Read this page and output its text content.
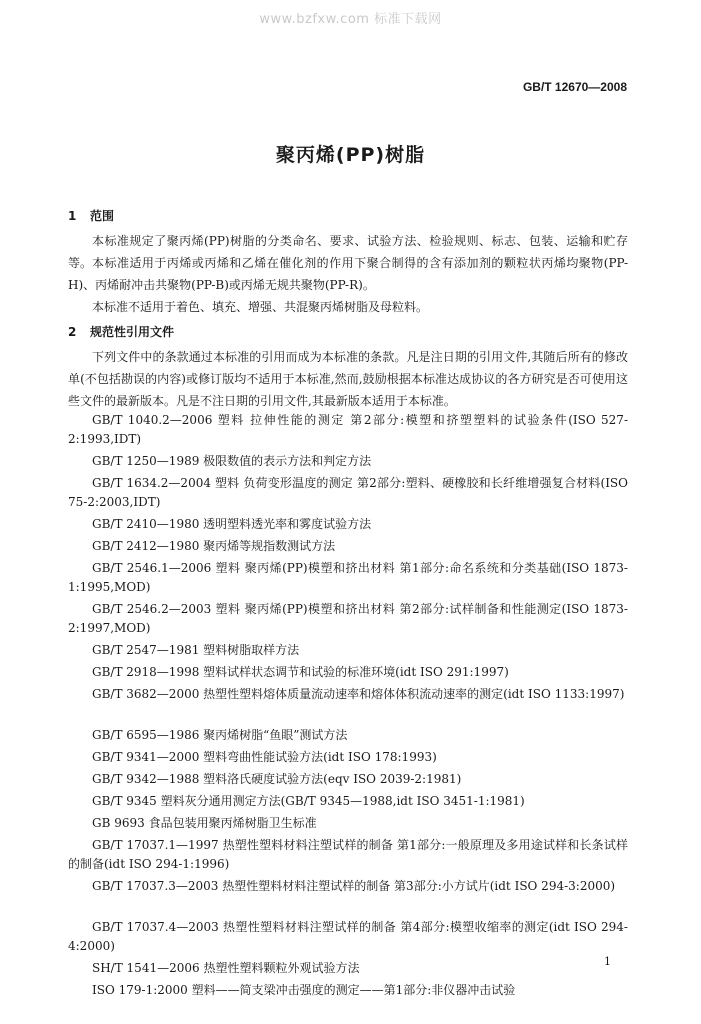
www.bzfxw.com 标准下载网
GB/T 12670—2008
聚丙烯(PP)树脂
1 范围

本标准规定了聚丙烯(PP)树脂的分类命名、要求、试验方法、检验规则、标志、包装、运输和贮存等。 本标准适用于丙烯或丙烯和乙烯在催化剂的作用下聚合制得的含有添加剂的颗粒状丙烯均聚物(PP-H)、丙烯耐冲击共聚物(PP-B)或丙烯无规共聚物(PP-R)。

本标准不适用于着色、填充、增强、共混聚丙烯树脂及母粒料。

2 规范性引用文件

下列文件中的条款通过本标准的引用而成为本标准的条款。凡是注日期的引用文件,其随后所有的修改单(不包括勘误的内容)或修订版均不适用于本标准,然而,鼓励根据本标准达成协议的各方研究是否可使用这些文件的最新版本。凡是不注日期的引用文件,其最新版本适用于本标准。

GB/T 1040.2—2006 塑料 拉伸性能的测定 第2部分:模塑和挤塑塑料的试验条件(ISO 527-2:1993,IDT)

GB/T 1250—1989 极限数值的表示方法和判定方法

GB/T 1634.2—2004 塑料 负荷变形温度的测定 第2部分:塑料、硬橡胶和长纤维增强复合材料(ISO 75-2:2003,IDT)

GB/T 2410—1980 透明塑料透光率和雾度试验方法

GB/T 2412—1980 聚丙烯等规指数测试方法

GB/T 2546.1—2006 塑料 聚丙烯(PP)模塑和挤出材料 第1部分:命名系统和分类基础(ISO 1873-1:1995,MOD)

GB/T 2546.2—2003 塑料 聚丙烯(PP)模塑和挤出材料 第2部分:试样制备和性能测定(ISO 1873-2:1997,MOD)

GB/T 2547—1981 塑料树脂取样方法

GB/T 2918—1998 塑料试样状态调节和试验的标准环境(idt ISO 291:1997)

GB/T 3682—2000 热塑性塑料熔体质量流动速率和熔体体积流动速率的测定(idt ISO 1133:1997)

GB/T 6595—1986 聚丙烯树脂“鱼眼”测试方法

GB/T 9341—2000 塑料弯曲性能试验方法(idt ISO 178:1993)

GB/T 9342—1988 塑料洛氏硬度试验方法(eqv ISO 2039-2:1981)

GB/T 9345 塑料灰分通用测定方法(GB/T 9345—1988,idt ISO 3451-1:1981)

GB 9693 食品包装用聚丙烯树脂卫生标准

GB/T 17037.1—1997 热塑性塑料材料注塑试样的制备 第1部分:一般原理及多用途试样和长条试样的制备(idt ISO 294-1:1996)

GB/T 17037.3—2003 热塑性塑料材料注塑试样的制备 第3部分:小方试片(idt ISO 294-3:2000)

GB/T 17037.4—2003 热塑性塑料材料注塑试样的制备 第4部分:模塑收缩率的测定(idt ISO 294-4:2000)

SH/T 1541—2006 热塑性塑料颗粒外观试验方法

ISO 179-1:2000 塑料——简支梁冲击强度的测定——第1部分:非仪器冲击试验

1
